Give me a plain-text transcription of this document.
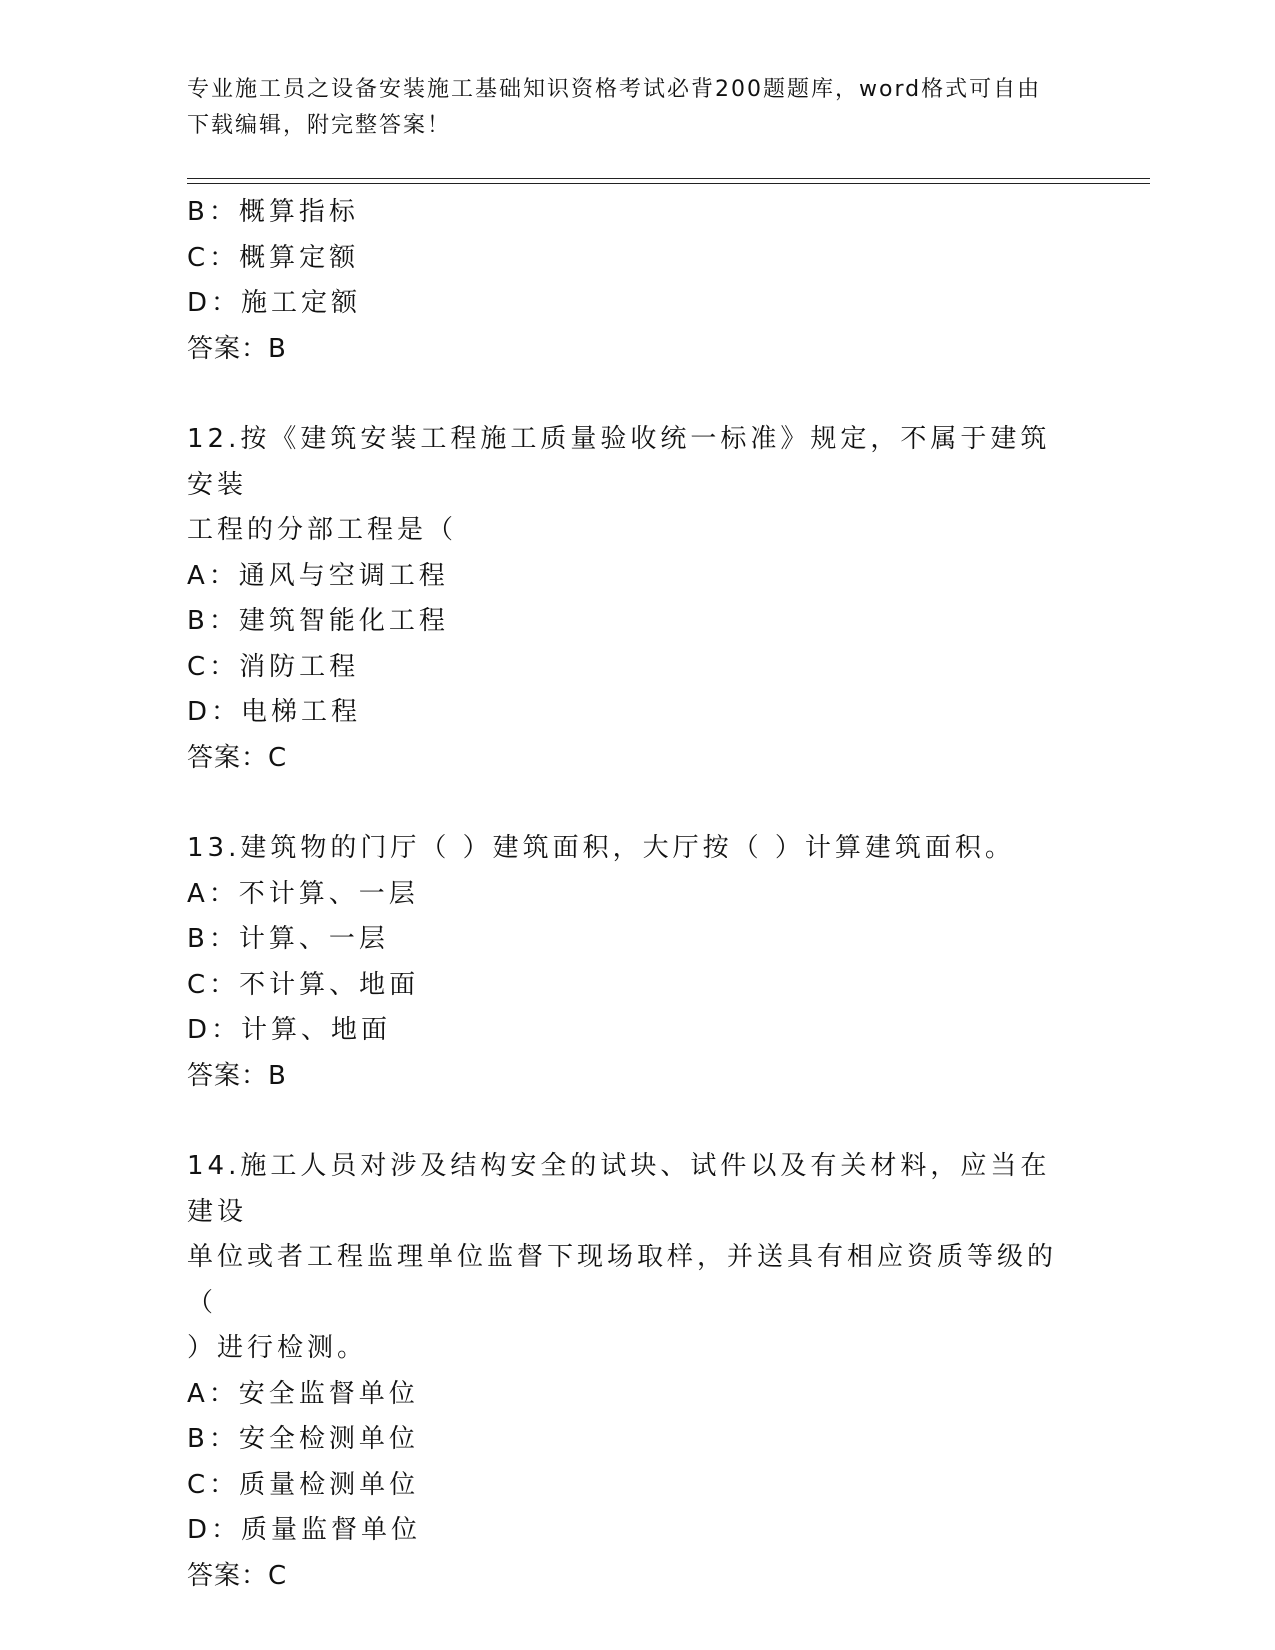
专业施工员之设备安装施工基础知识资格考试必背200题题库，word格式可自由
下载编辑，附完整答案！
B：概算指标
C：概算定额
D：施工定额
答案：B
12.按《建筑安装工程施工质量验收统一标准》规定，不属于建筑安装
工程的分部工程是（
A：通风与空调工程
B：建筑智能化工程
C：消防工程
D：电梯工程
答案：C
13.建筑物的门厅（ ）建筑面积，大厅按（ ）计算建筑面积。
A：不计算、一层
B：计算、一层
C：不计算、地面
D：计算、地面
答案：B
14.施工人员对涉及结构安全的试块、试件以及有关材料，应当在建设
单位或者工程监理单位监督下现场取样，并送具有相应资质等级的（
）进行检测。
A：安全监督单位
B：安全检测单位
C：质量检测单位
D：质量监督单位
答案：C
